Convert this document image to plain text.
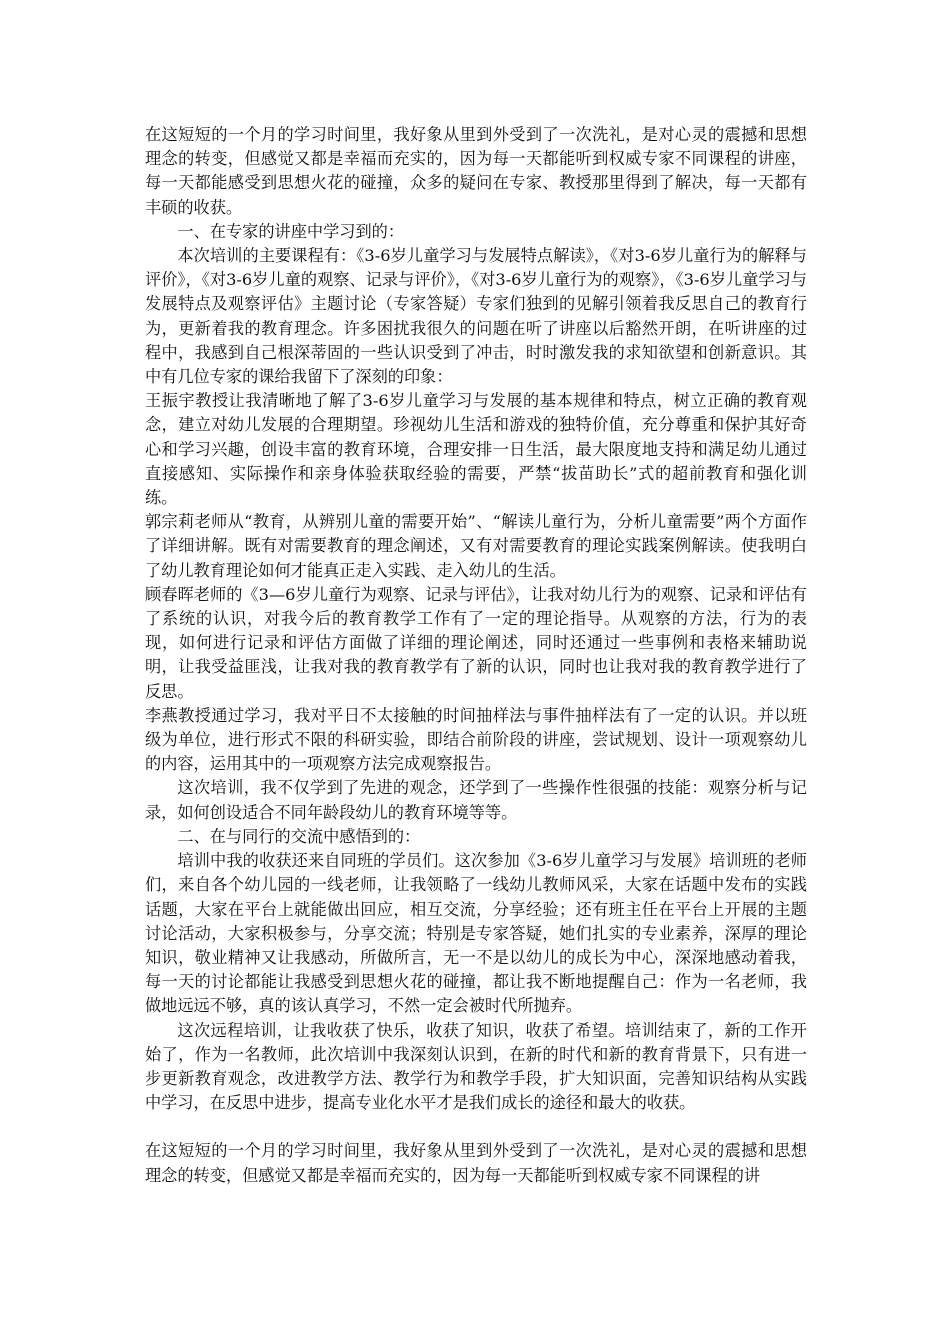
在这短短的一个月的学习时间里，我好象从里到外受到了一次洗礼，是对心灵的震撼和思想理念的转变，但感觉又都是幸福而充实的，因为每一天都能听到权威专家不同课程的讲座，每一天都能感受到思想火花的碰撞，众多的疑问在专家、教授那里得到了解决，每一天都有丰硕的收获。

一、在专家的讲座中学习到的：

本次培训的主要课程有：《3-6岁儿童学习与发展特点解读》，《对3-6岁儿童行为的解释与评价》，《对3-6岁儿童的观察、记录与评价》，《对3-6岁儿童行为的观察》，《3-6岁儿童学习与发展特点及观察评估》主题讨论（专家答疑）专家们独到的见解引领着我反思自己的教育行为，更新着我的教育理念。许多困扰我很久的问题在听了讲座以后豁然开朗，在听讲座的过程中，我感到自己根深蒂固的一些认识受到了冲击，时时激发我的求知欲望和创新意识。其中有几位专家的课给我留下了深刻的印象：

王振宇教授让我清晰地了解了3-6岁儿童学习与发展的基本规律和特点，树立正确的教育观念，建立对幼儿发展的合理期望。珍视幼儿生活和游戏的独特价值，充分尊重和保护其好奇心和学习兴趣，创设丰富的教育环境，合理安排一日生活，最大限度地支持和满足幼儿通过直接感知、实际操作和亲身体验获取经验的需要，严禁“拔苗助长”式的超前教育和强化训练。

郭宗莉老师从“教育，从辨别儿童的需要开始”、“解读儿童行为，分析儿童需要”两个方面作了详细讲解。既有对需要教育的理念阐述，又有对需要教育的理论实践案例解读。使我明白了幼儿教育理论如何才能真正走入实践、走入幼儿的生活。

顾春晖老师的《3—6岁儿童行为观察、记录与评估》，让我对幼儿行为的观察、记录和评估有了系统的认识，对我今后的教育教学工作有了一定的理论指导。从观察的方法，行为的表现，如何进行记录和评估方面做了详细的理论阐述，同时还通过一些事例和表格来辅助说明，让我受益匪浅，让我对我的教育教学有了新的认识，同时也让我对我的教育教学进行了反思。

李燕教授通过学习，我对平日不太接触的时间抽样法与事件抽样法有了一定的认识。并以班级为单位，进行形式不限的科研实验，即结合前阶段的讲座，尝试规划、设计一项观察幼儿的内容，运用其中的一项观察方法完成观察报告。

这次培训，我不仅学到了先进的观念，还学到了一些操作性很强的技能：观察分析与记录，如何创设适合不同年龄段幼儿的教育环境等等。

二、在与同行的交流中感悟到的：

培训中我的收获还来自同班的学员们。这次参加《3-6岁儿童学习与发展》培训班的老师们，来自各个幼儿园的一线老师，让我领略了一线幼儿教师风采，大家在话题中发布的实践话题，大家在平台上就能做出回应，相互交流，分享经验；还有班主任在平台上开展的主题讨论活动，大家积极参与，分享交流；特别是专家答疑，她们扎实的专业素养，深厚的理论知识，敬业精神又让我感动，所做所言，无一不是以幼儿的成长为中心，深深地感动着我，每一天的讨论都能让我感受到思想火花的碰撞，都让我不断地提醒自己：作为一名老师，我做地远远不够，真的该认真学习，不然一定会被时代所抛弃。

这次远程培训，让我收获了快乐，收获了知识，收获了希望。培训结束了，新的工作开始了，作为一名教师，此次培训中我深刻认识到，在新的时代和新的教育背景下，只有进一步更新教育观念，改进教学方法、教学行为和教学手段，扩大知识面，完善知识结构从实践中学习，在反思中进步，提高专业化水平才是我们成长的途径和最大的收获。

在这短短的一个月的学习时间里，我好象从里到外受到了一次洗礼，是对心灵的震撼和思想理念的转变，但感觉又都是幸福而充实的，因为每一天都能听到权威专家不同课程的讲
